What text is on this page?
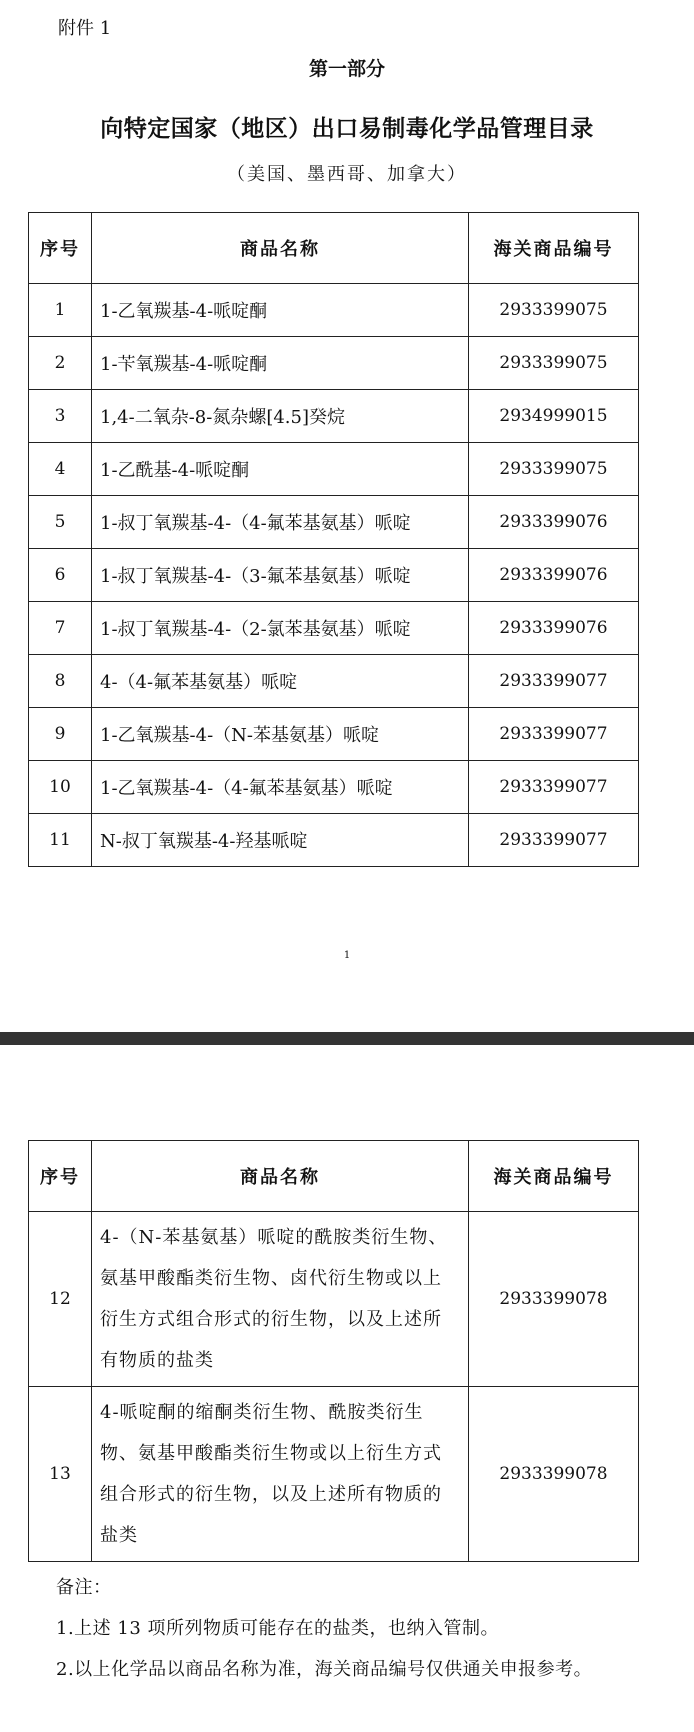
附件 1
第一部分
向特定国家（地区）出口易制毒化学品管理目录
（美国、墨西哥、加拿大）
序号	商品名称	海关商品编号
1	1-乙氧羰基-4-哌啶酮	2933399075
2	1-苄氧羰基-4-哌啶酮	2933399075
3	1,4-二氧杂-8-氮杂螺[4.5]癸烷	2934999015
4	1-乙酰基-4-哌啶酮	2933399075
5	1-叔丁氧羰基-4-（4-氟苯基氨基）哌啶	2933399076
6	1-叔丁氧羰基-4-（3-氟苯基氨基）哌啶	2933399076
7	1-叔丁氧羰基-4-（2-氯苯基氨基）哌啶	2933399076
8	4-（4-氟苯基氨基）哌啶	2933399077
9	1-乙氧羰基-4-（N-苯基氨基）哌啶	2933399077
10	1-乙氧羰基-4-（4-氟苯基氨基）哌啶	2933399077
11	N-叔丁氧羰基-4-羟基哌啶	2933399077
1
序号	商品名称	海关商品编号
12	4-（N-苯基氨基）哌啶的酰胺类衍生物、氨基甲酸酯类衍生物、卤代衍生物或以上衍生方式组合形式的衍生物，以及上述所有物质的盐类	2933399078
13	4-哌啶酮的缩酮类衍生物、酰胺类衍生物、氨基甲酸酯类衍生物或以上衍生方式组合形式的衍生物，以及上述所有物质的盐类	2933399078

备注：

1.上述 13 项所列物质可能存在的盐类，也纳入管制。

2.以上化学品以商品名称为准，海关商品编号仅供通关申报参考。
